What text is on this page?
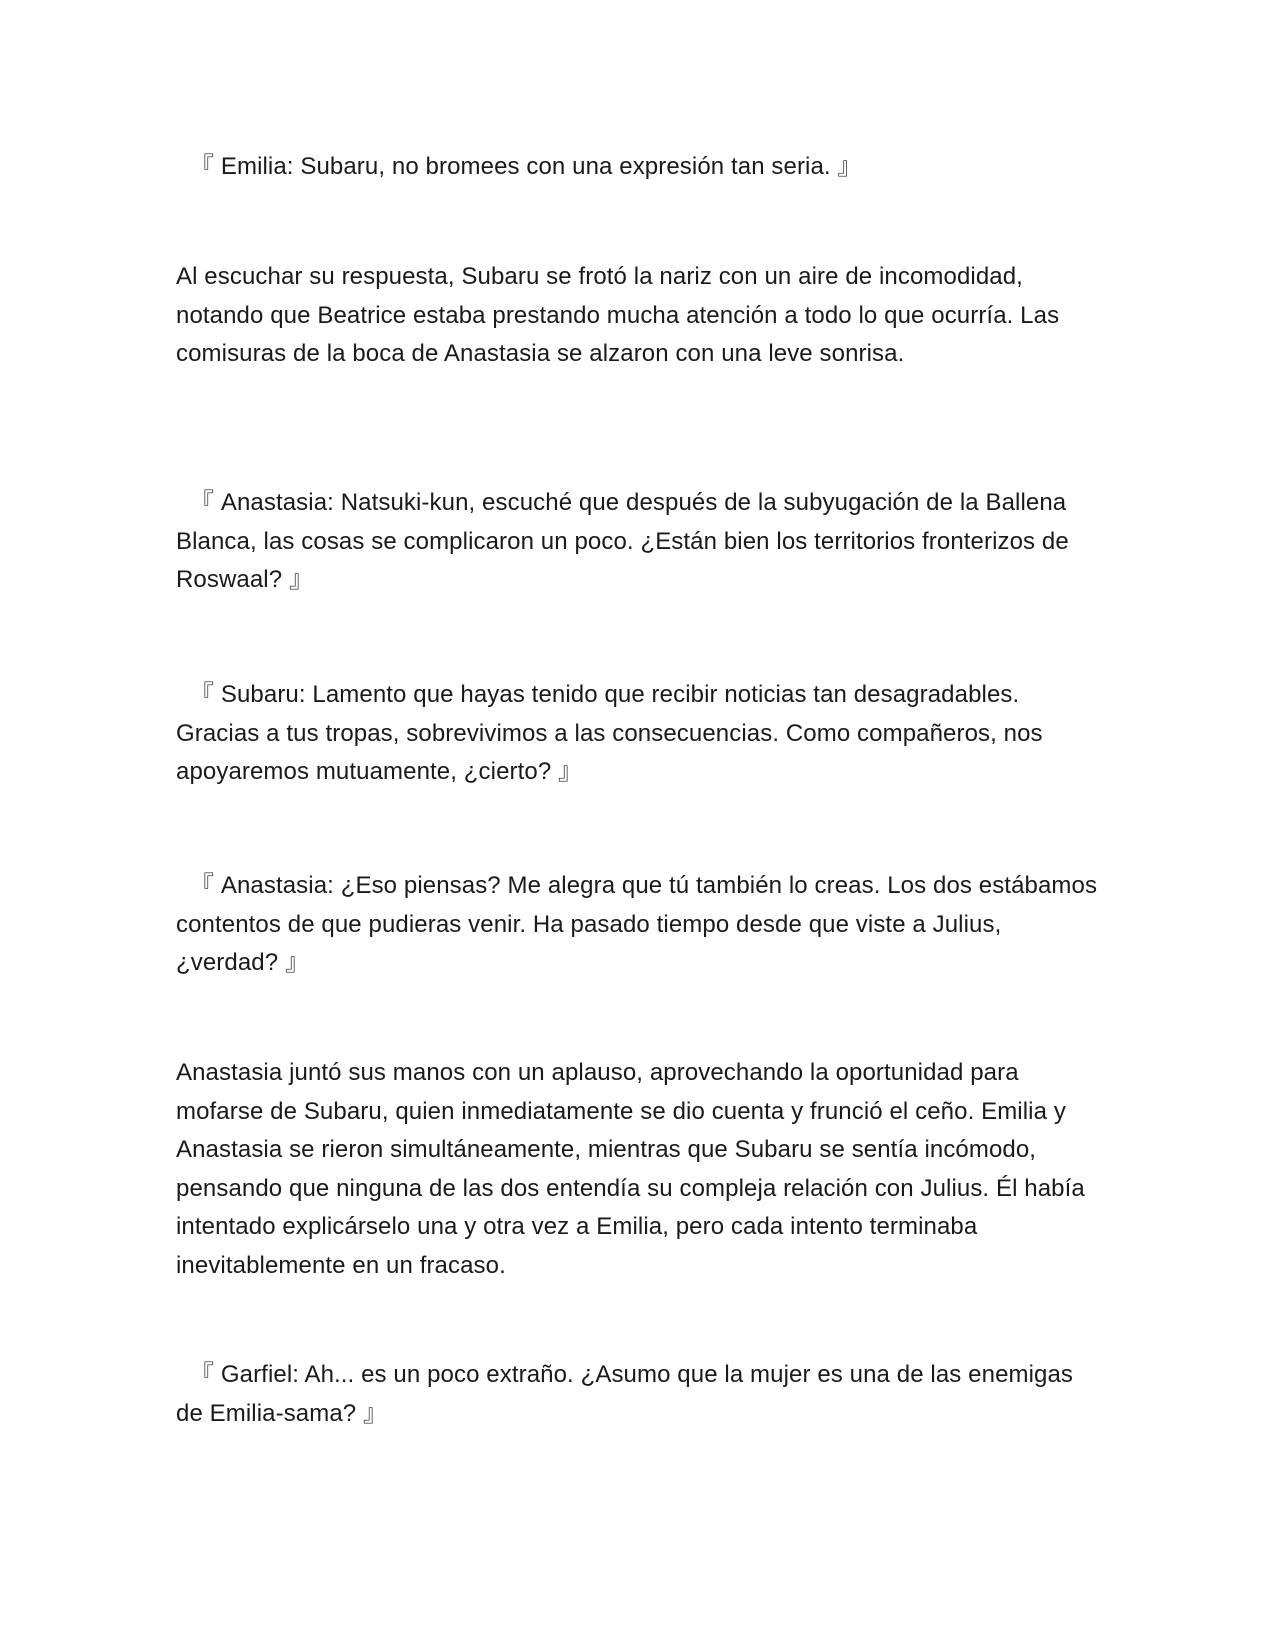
『 Emilia: Subaru, no bromees con una expresión tan seria. 』

Al escuchar su respuesta, Subaru se frotó la nariz con un aire de incomodidad, notando que Beatrice estaba prestando mucha atención a todo lo que ocurría. Las comisuras de la boca de Anastasia se alzaron con una leve sonrisa.

『 Anastasia: Natsuki-kun, escuché que después de la subyugación de la Ballena Blanca, las cosas se complicaron un poco. ¿Están bien los territorios fronterizos de Roswaal? 』

『 Subaru: Lamento que hayas tenido que recibir noticias tan desagradables. Gracias a tus tropas, sobrevivimos a las consecuencias. Como compañeros, nos apoyaremos mutuamente, ¿cierto? 』

『 Anastasia: ¿Eso piensas? Me alegra que tú también lo creas. Los dos estábamos contentos de que pudieras venir. Ha pasado tiempo desde que viste a Julius, ¿verdad? 』

Anastasia juntó sus manos con un aplauso, aprovechando la oportunidad para mofarse de Subaru, quien inmediatamente se dio cuenta y frunció el ceño. Emilia y Anastasia se rieron simultáneamente, mientras que Subaru se sentía incómodo, pensando que ninguna de las dos entendía su compleja relación con Julius. Él había intentado explicárselo una y otra vez a Emilia, pero cada intento terminaba inevitablemente en un fracaso.

『 Garfiel: Ah... es un poco extraño. ¿Asumo que la mujer es una de las enemigas de Emilia-sama? 』
